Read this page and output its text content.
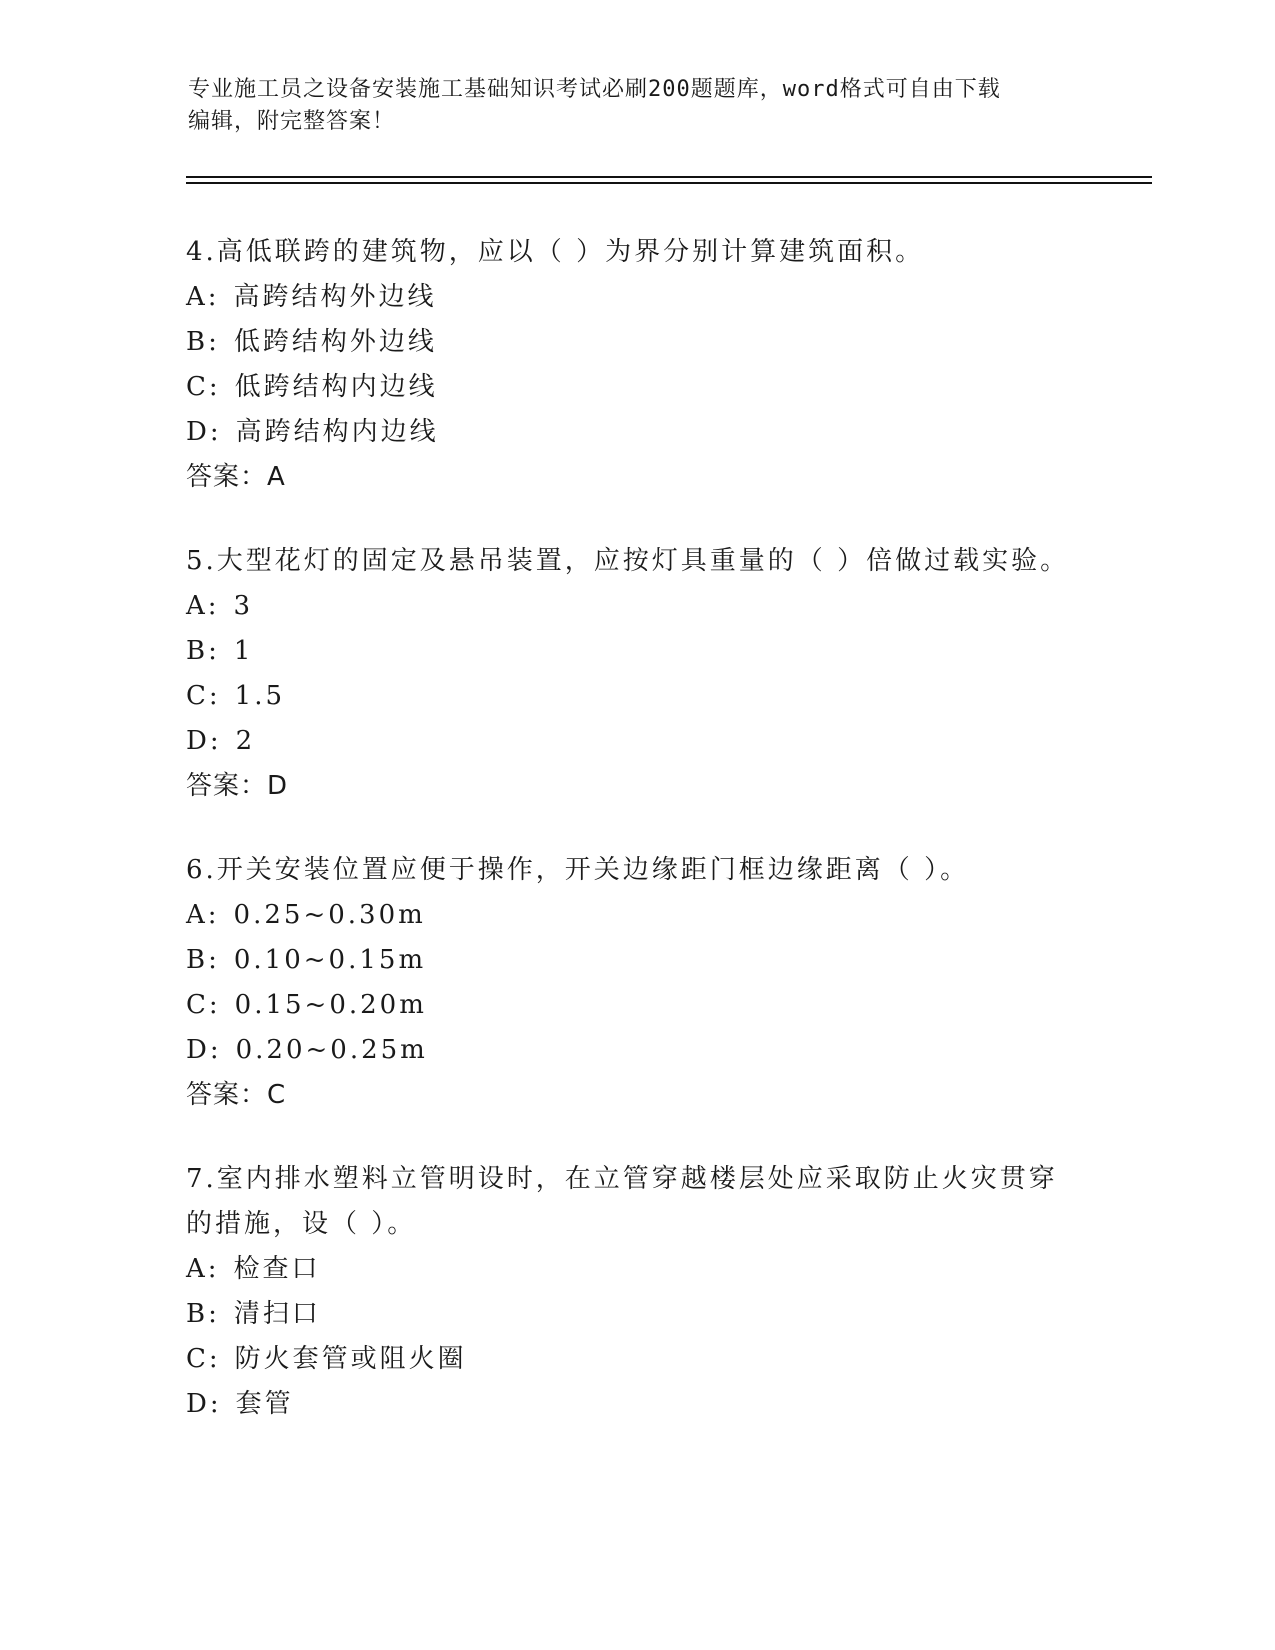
专业施工员之设备安装施工基础知识考试必刷200题题库，word格式可自由下载
编辑，附完整答案！
4.高低联跨的建筑物，应以（ ）为界分别计算建筑面积。
A: 高跨结构外边线
B: 低跨结构外边线
C: 低跨结构内边线
D: 高跨结构内边线
答案：A
5.大型花灯的固定及悬吊装置，应按灯具重量的（ ）倍做过载实验。
A: 3
B: 1
C: 1.5
D: 2
答案：D
6.开关安装位置应便于操作，开关边缘距门框边缘距离（ ）。
A: 0.25~0.30m
B: 0.10~0.15m
C: 0.15~0.20m
D: 0.20~0.25m
答案：C
7.室内排水塑料立管明设时，在立管穿越楼层处应采取防止火灾贯穿
的措施，设（ ）。
A: 检查口
B: 清扫口
C: 防火套管或阻火圈
D: 套管
